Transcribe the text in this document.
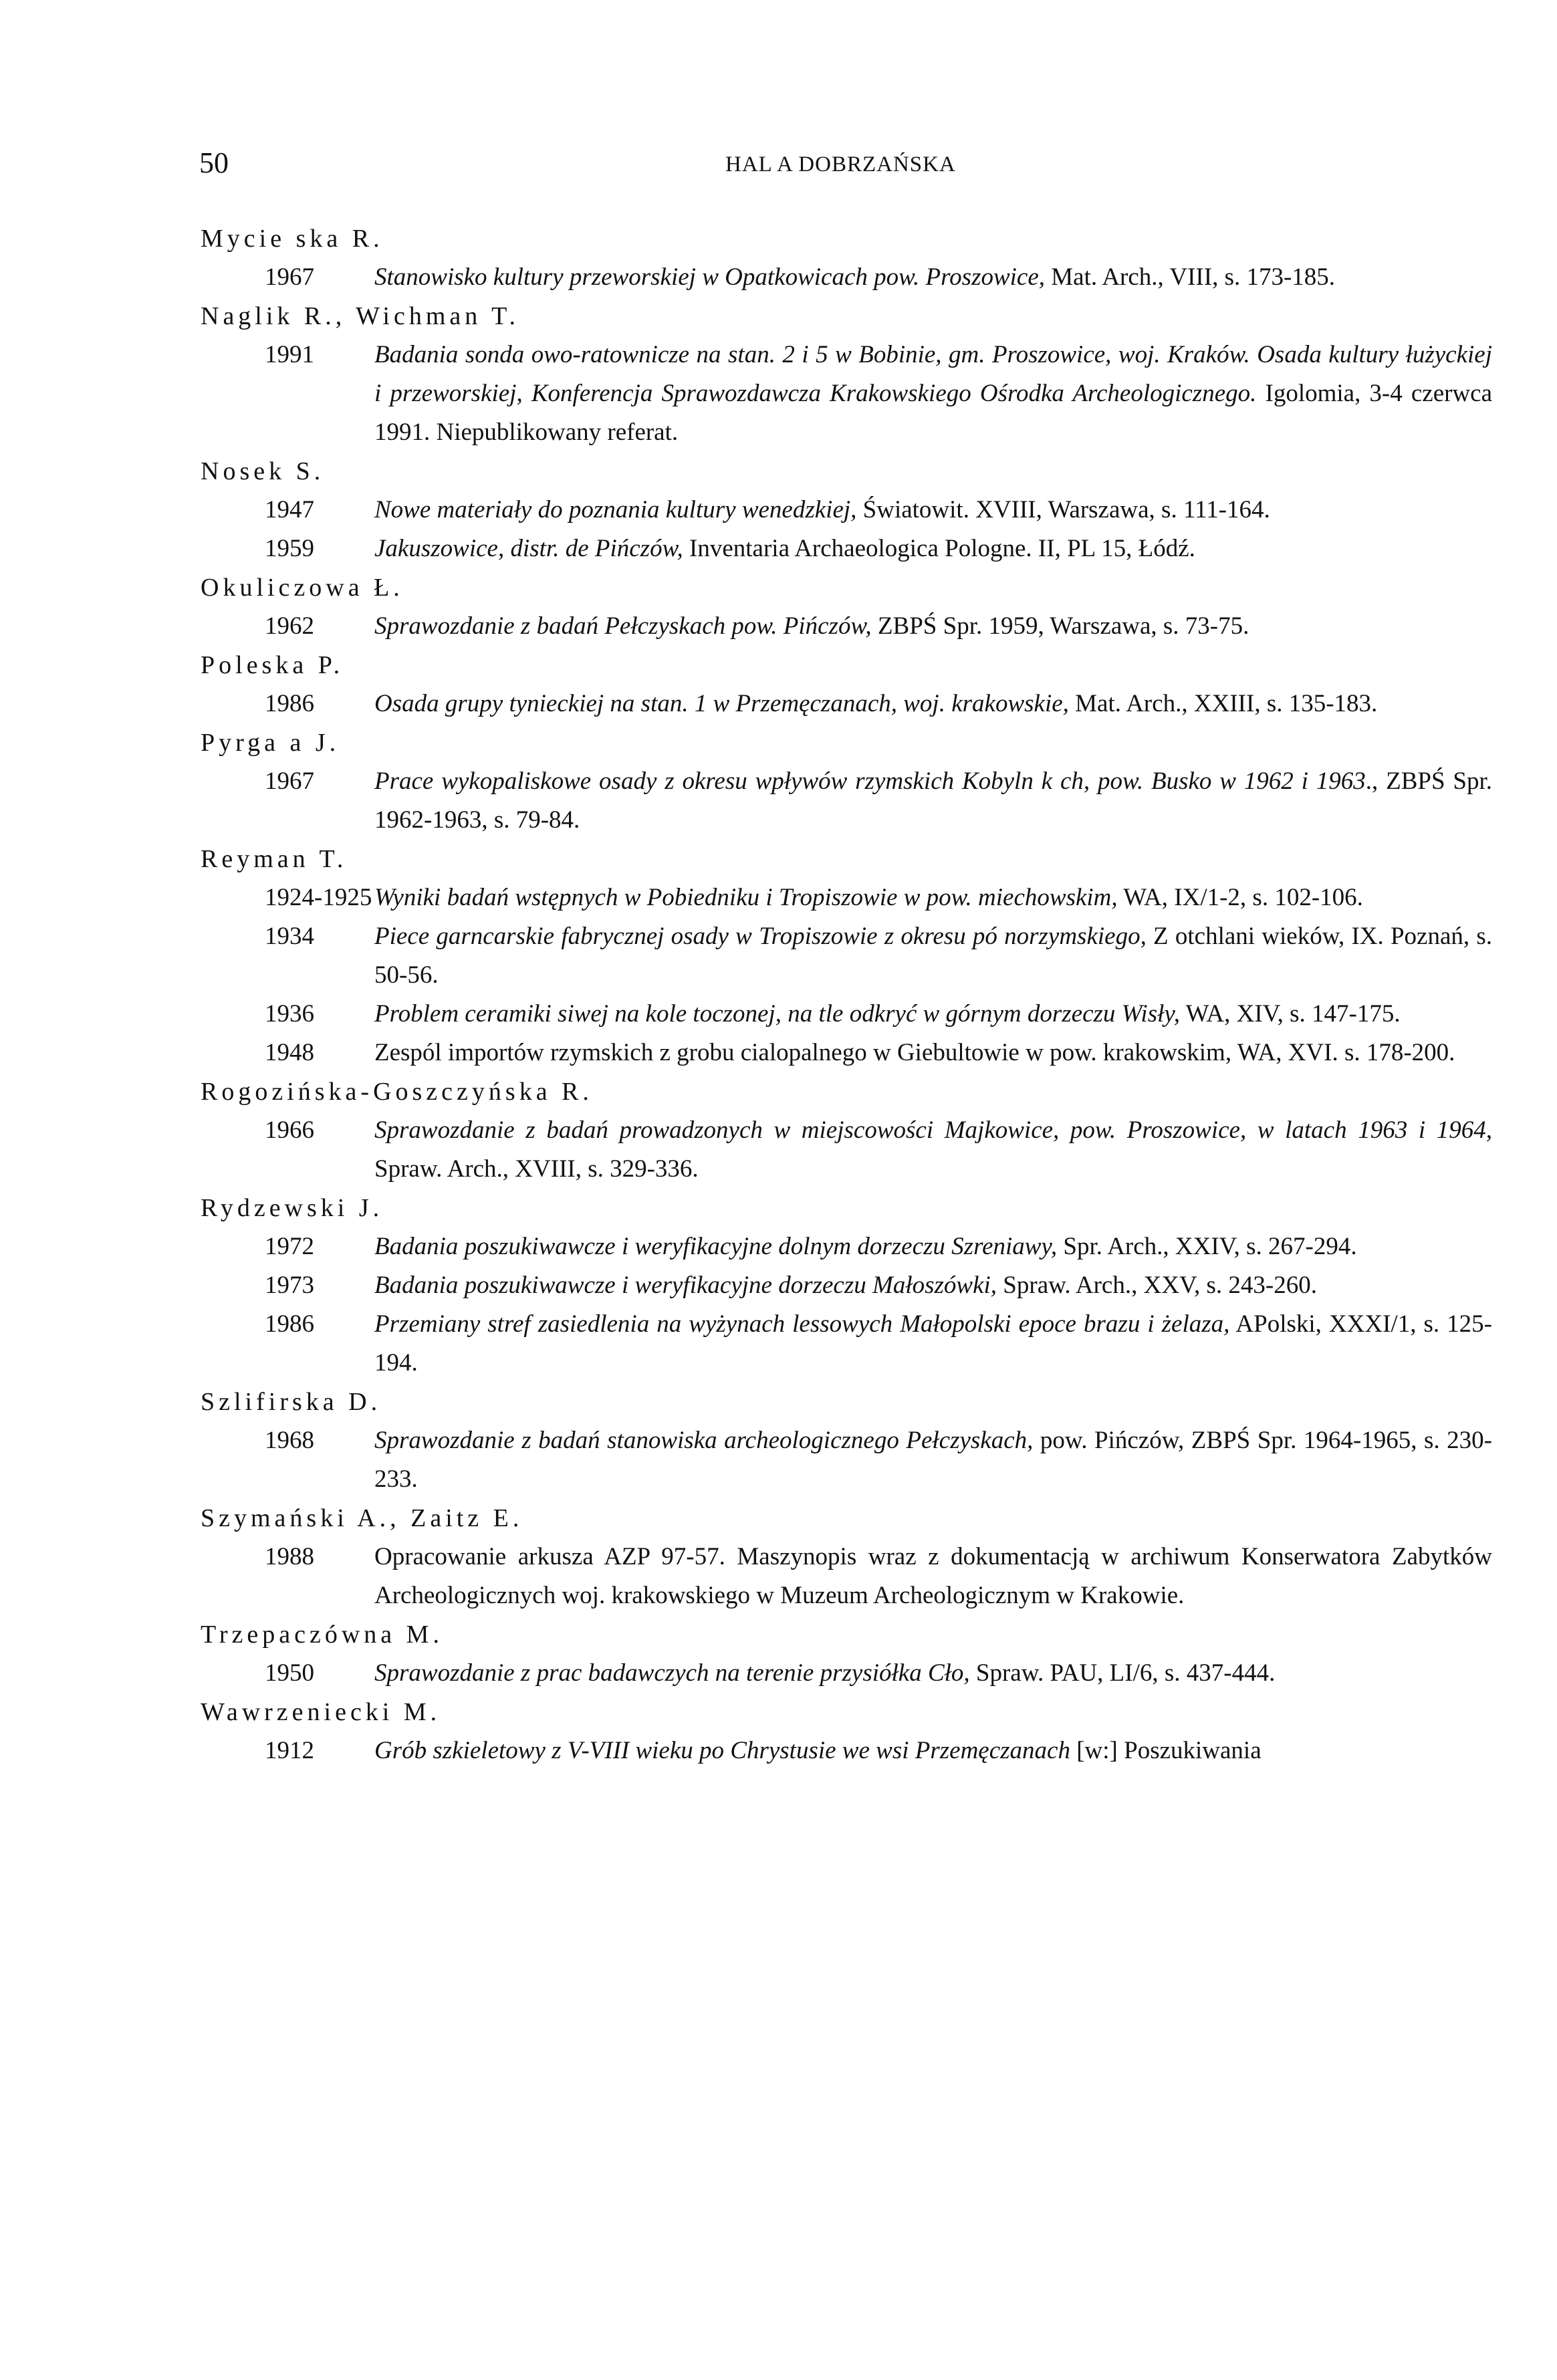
50	HAL A DOBRZAŃSKA
Mycie ska R.
1967	Stanowisko kultury przeworskiej w Opatkowicach pow. Proszowice, Mat. Arch., VIII, s. 173-185.
Naglik R., Wichman T.
1991	Badania sonda owo-ratownicze na stan. 2 i 5 w Bobinie, gm. Proszowice, woj. Kraków. Osada kultury łużyckiej i przeworskiej, Konferencja Sprawozdawcza Krakowskiego Ośrodka Archeologicznego. Igolomia, 3-4 czerwca 1991. Niepublikowany referat.
Nosek S.
1947	Nowe materiały do poznania kultury wenedzkiej, Światowit. XVIII, Warszawa, s. 111-164.
1959	Jakuszowice, distr. de Pińczów, Inventaria Archaeologica Pologne. II, PL 15, Łódź.
Okuliczowa Ł.
1962	Sprawozdanie z badań Pełczyskach pow. Pińczów, ZBPŚ Spr. 1959, Warszawa, s. 73-75.
Poleska P.
1986	Osada grupy tynieckiej na stan. 1 w Przemęczanach, woj. krakowskie, Mat. Arch., XXIII, s. 135-183.
Pyrga a J.
1967	Prace wykopaliskowe osady z okresu wpływów rzymskich Kobyln k ch, pow. Busko w 1962 i 1963., ZBPŚ Spr. 1962-1963, s. 79-84.
Reyman T.
1924-1925 Wyniki badań wstępnych w Pobiedniku i Tropiszowie w pow. miechowskim, WA, IX/1-2, s. 102-106.
1934	Piece garncarskie fabrycznej osady w Tropiszowie z okresu pó norzymskiego, Z otchlani wieków, IX. Poznań, s. 50-56.
1936	Problem ceramiki siwej na kole toczonej, na tle odkryć w górnym dorzeczu Wisły, WA, XIV, s. 147-175.
1948	Zespól importów rzymskich z grobu cialopalnego w Giebultowie w pow. krakowskim, WA, XVI. s. 178-200.
Rogozińska-Goszczyńska R.
1966	Sprawozdanie z badań prowadzonych w miejscowości Majkowice, pow. Proszowice, w latach 1963 i 1964, Spraw. Arch., XVIII, s. 329-336.
Rydzewski J.
1972	Badania poszukiwawcze i weryfikacyjne dolnym dorzeczu Szreniawy, Spr. Arch., XXIV, s. 267-294.
1973	Badania poszukiwawcze i weryfikacyjne dorzeczu Małoszówki, Spraw. Arch., XXV, s. 243-260.
1986	Przemiany stref zasiedlenia na wyżynach lessowych Małopolski epoce brazu i żelaza, APolski, XXXI/1, s. 125-194.
Szlifirska D.
1968	Sprawozdanie z badań stanowiska archeologicznego Pełczyskach, pow. Pińczów, ZBPŚ Spr. 1964-1965, s. 230-233.
Szymański A., Zaitz E.
1988	Opracowanie arkusza AZP 97-57. Maszynopis wraz z dokumentacją w archiwum Konserwatora Zabytków Archeologicznych woj. krakowskiego w Muzeum Archeologicznym w Krakowie.
Trzepaczówna M.
1950	Sprawozdanie z prac badawczych na terenie przysiółka Cło, Spraw. PAU, LI/6, s. 437-444.
Wawrzeniecki M.
1912	Grób szkieletowy z V-VIII wieku po Chrystusie we wsi Przemęczanach [w:] Poszukiwania
